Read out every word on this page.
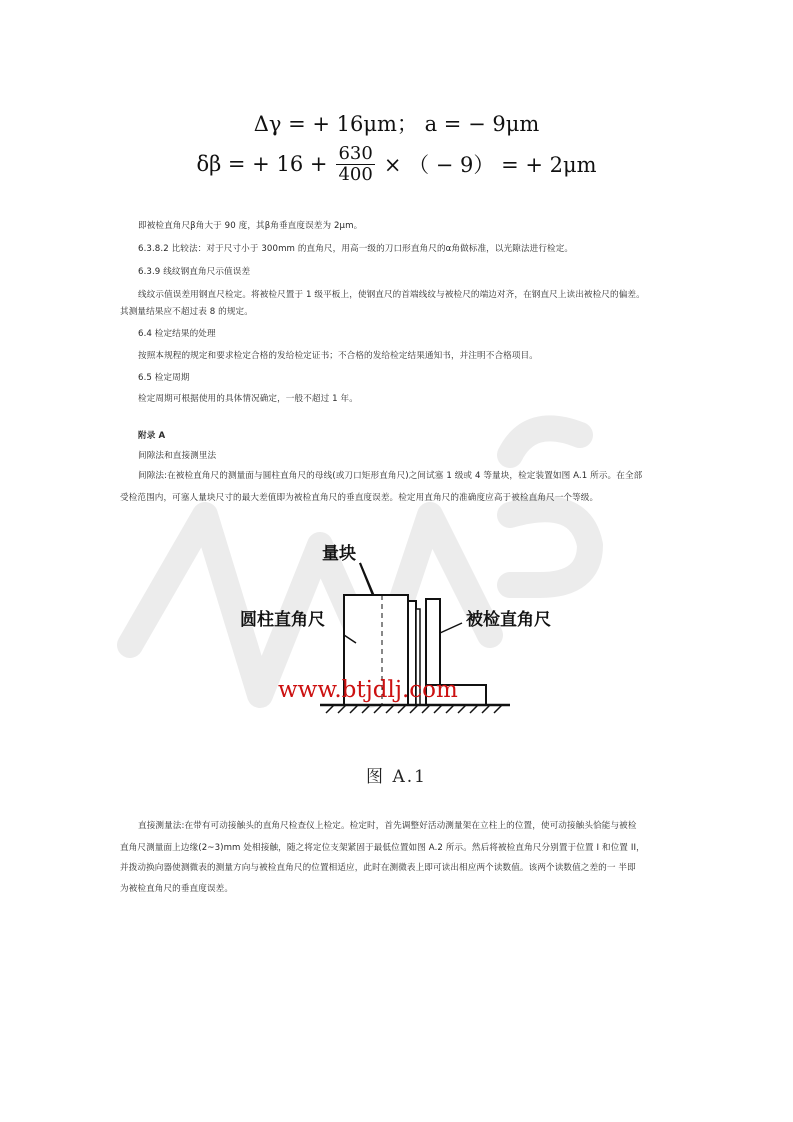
Δγ = + 16μm； a = − 9μm
δβ = + $16 + \frac{630}{400}$ × （ − 9） = + 2μm
即被检直角尺β角大于 90 度，其β角垂直度误差为 2μm。
6.3.8.2 比较法：对于尺寸小于 300mm 的直角尺，用高一级的刀口形直角尺的α角做标准，以光隙法进行检定。
6.3.9 线纹钢直角尺示值误差
线纹示值误差用钢直尺检定。将被检尺置于 1 级平板上，使钢直尺的首端线纹与被检尺的端边对齐，在钢直尺上读出被检尺的偏差。
其测量结果应不超过表 8 的规定。
6.4 检定结果的处理
按照本规程的规定和要求检定合格的发给检定证书；不合格的发给检定结果通知书，并注明不合格项目。
6.5 检定周期
检定周期可根据使用的具体情况确定，一般不超过 1 年。
附录 A
间隙法和直接测里法
间隙法:在被检直角尺的测量面与圆柱直角尺的母线(或刀口矩形直角尺)之间试塞 1 级或 4 等量块，检定装置如图 A.1 所示。在全部
受检范围内，可塞人量块尺寸的最大差值即为被检直角尺的垂直度误差。检定用直角尺的准确度应高于被检直角尺一个等级。
量块
圆柱直角尺	被检直角尺
www.btjdlj.com
图 A.1
直接测量法:在带有可动接触头的直角尺检查仪上检定。检定时，首先调整好活动测量架在立柱上的位置，使可动接触头恰能与被检
直角尺测量面上边缘(2~3)mm 处相接触，随之将定位支架紧固于最低位置如图 A.2 所示。然后将被检直角尺分别置于位置 I 和位置 II，
并拨动换向器使测微表的测量方向与被检直角尺的位置相适应，此时在测微表上即可读出相应两个读数值。该两个读数值之差的一 半即
为被检直角尺的垂直度误差。
